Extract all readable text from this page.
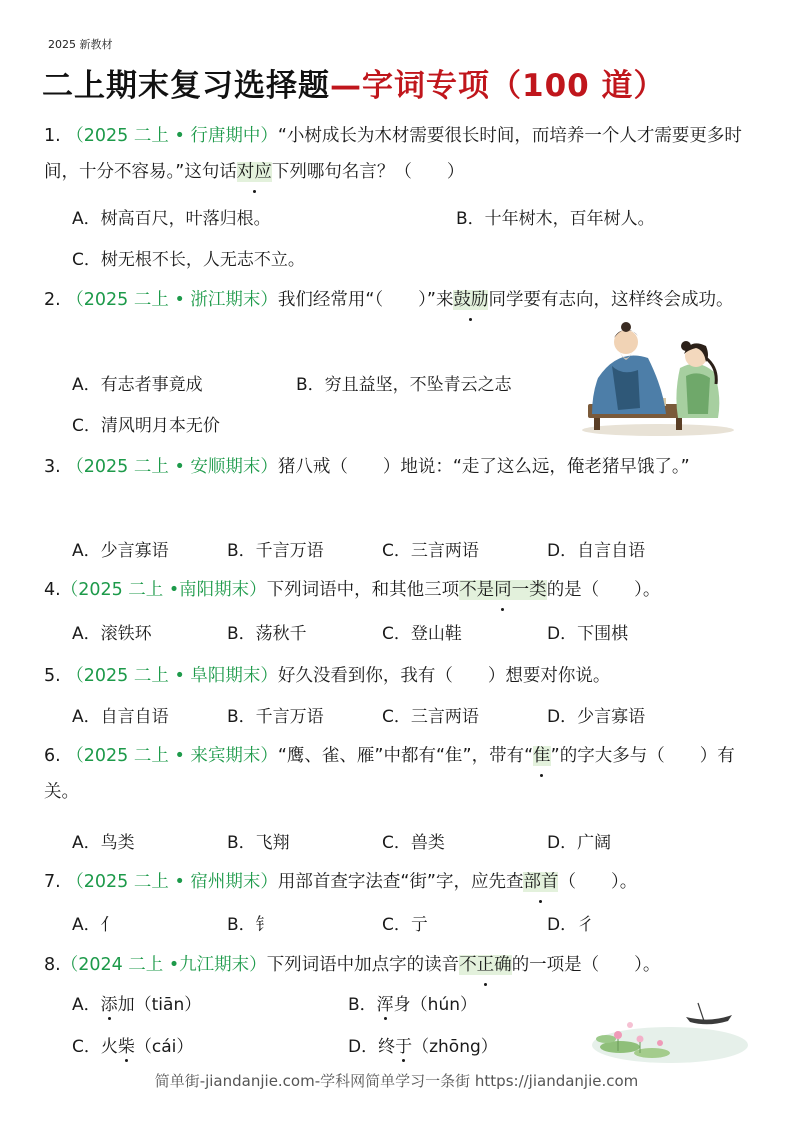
2025 新教材
二上期末复习选择题—字词专项（100 道）
1. （2025 二上 • 行唐期中）“小树成长为木材需要很长时间，而培养一个人才需要更多时间，十分不容易。”这句话对应下列哪句名言？（　　）
A．树高百尺，叶落归根。	B．十年树木，百年树人。
C．树无根不长，人无志不立。
2. （2025 二上 • 浙江期末）我们经常用“（　　）”来鼓励同学要有志向，这样终会成功。
A．有志者事竟成	B．穷且益坚，不坠青云之志
C．清风明月本无价
3. （2025 二上 • 安顺期末）猪八戒（　　）地说：“走了这么远，俺老猪早饿了。”
A．少言寡语	B．千言万语	C．三言两语	D．自言自语
4.（2025 二上 •南阳期末）下列词语中，和其他三项不是同一类的是（　　）。
A．滚铁环	B．荡秋千	C．登山鞋	D．下围棋
5. （2025 二上 • 阜阳期末）好久没看到你，我有（　　）想要对你说。
A．自言自语	B．千言万语	C．三言两语	D．少言寡语
6. （2025 二上 • 来宾期末）“鹰、雀、雁”中都有“隹”，带有“隹”的字大多与（　　）有关。
A．鸟类	B．飞翔	C．兽类	D．广阔
7. （2025 二上 • 宿州期末）用部首查字法查“街”字，应先查部首（　　）。
A．亻	B．钅	C．亍	D．彳
8.（2024 二上 •九江期末）下列词语中加点字的读音不正确的一项是（　　）。
A．添加（tiān）	B．浑身（hún）
C．火柴（cái）	D．终于（zhōng）
简单街-jiandanjie.com-学科网简单学习一条街 https://jiandanjie.com
